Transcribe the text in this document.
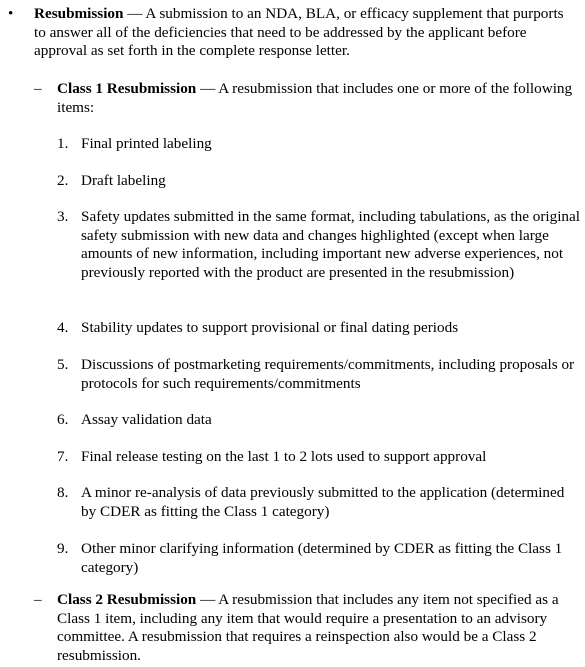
• Resubmission — A submission to an NDA, BLA, or efficacy supplement that purports to answer all of the deficiencies that need to be addressed by the applicant before approval as set forth in the complete response letter.
– Class 1 Resubmission — A resubmission that includes one or more of the following items:
1. Final printed labeling
2. Draft labeling
3. Safety updates submitted in the same format, including tabulations, as the original safety submission with new data and changes highlighted (except when large amounts of new information, including important new adverse experiences, not previously reported with the product are presented in the resubmission)
4. Stability updates to support provisional or final dating periods
5. Discussions of postmarketing requirements/commitments, including proposals or protocols for such requirements/commitments
6. Assay validation data
7. Final release testing on the last 1 to 2 lots used to support approval
8. A minor re-analysis of data previously submitted to the application (determined by CDER as fitting the Class 1 category)
9. Other minor clarifying information (determined by CDER as fitting the Class 1 category)
– Class 2 Resubmission — A resubmission that includes any item not specified as a Class 1 item, including any item that would require a presentation to an advisory committee. A resubmission that requires a reinspection also would be a Class 2 resubmission.
